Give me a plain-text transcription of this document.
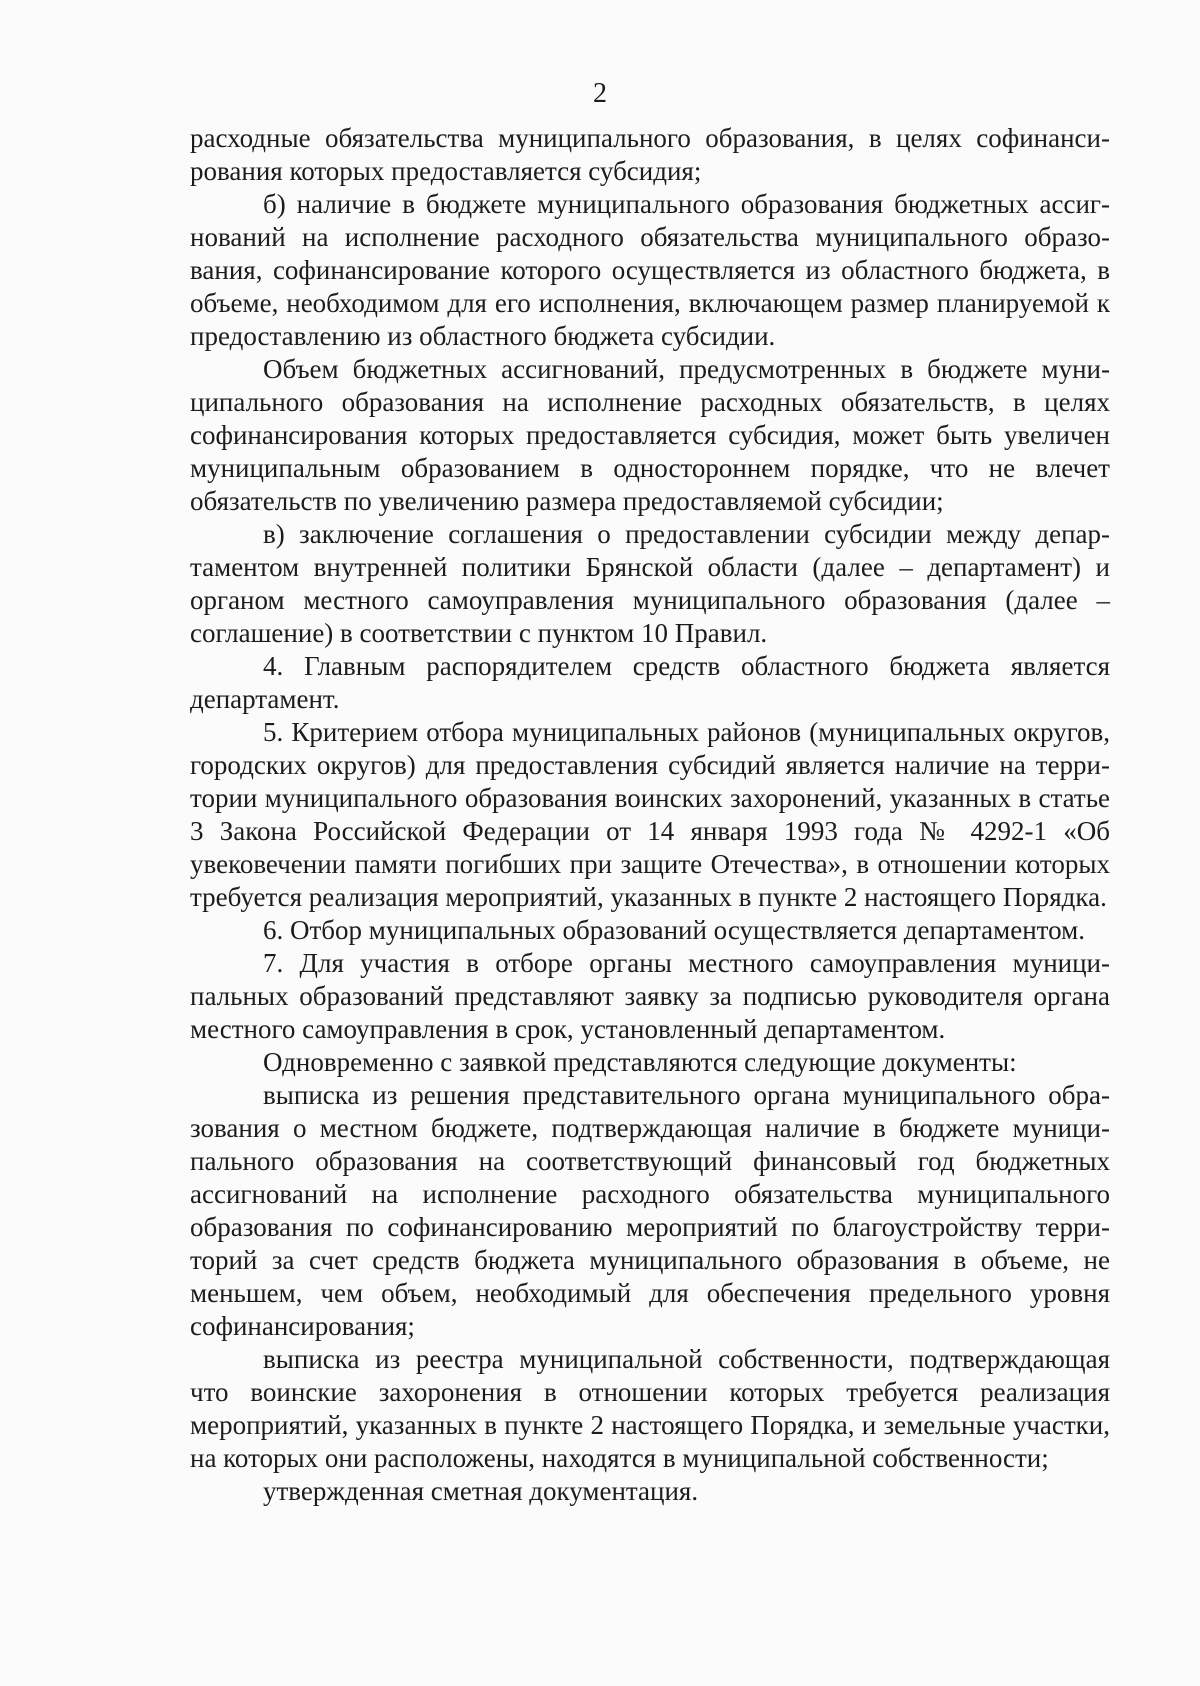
2

расходные обязательства муниципального образования, в целях софинансирования которых предоставляется субсидия;

б) наличие в бюджете муниципального образования бюджетных ассигнований на исполнение расходного обязательства муниципального образования, софинансирование которого осуществляется из областного бюджета, в объеме, необходимом для его исполнения, включающем размер планируемой к предоставлению из областного бюджета субсидии.

Объем бюджетных ассигнований, предусмотренных в бюджете муниципального образования на исполнение расходных обязательств, в целях софинансирования которых предоставляется субсидия, может быть увеличен муниципальным образованием в одностороннем порядке, что не влечет обязательств по увеличению размера предоставляемой субсидии;

в) заключение соглашения о предоставлении субсидии между департаментом внутренней политики Брянской области (далее – департамент) и органом местного самоуправления муниципального образования (далее – соглашение) в соответствии с пунктом 10 Правил.

4. Главным распорядителем средств областного бюджета является департамент.

5. Критерием отбора муниципальных районов (муниципальных округов, городских округов) для предоставления субсидий является наличие на территории муниципального образования воинских захоронений, указанных в статье 3 Закона Российской Федерации от 14 января 1993 года № 4292-1 «Об увековечении памяти погибших при защите Отечества», в отношении которых требуется реализация мероприятий, указанных в пункте 2 настоящего Порядка.

6. Отбор муниципальных образований осуществляется департаментом.

7. Для участия в отборе органы местного самоуправления муниципальных образований представляют заявку за подписью руководителя органа местного самоуправления в срок, установленный департаментом.

Одновременно с заявкой представляются следующие документы:

выписка из решения представительного органа муниципального образования о местном бюджете, подтверждающая наличие в бюджете муниципального образования на соответствующий финансовый год бюджетных ассигнований на исполнение расходного обязательства муниципального образования по софинансированию мероприятий по благоустройству территорий за счет средств бюджета муниципального образования в объеме, не меньшем, чем объем, необходимый для обеспечения предельного уровня софинансирования;

выписка из реестра муниципальной собственности, подтверждающая что воинские захоронения в отношении которых требуется реализация мероприятий, указанных в пункте 2 настоящего Порядка, и земельные участки, на которых они расположены, находятся в муниципальной собственности;

утвержденная сметная документация.
